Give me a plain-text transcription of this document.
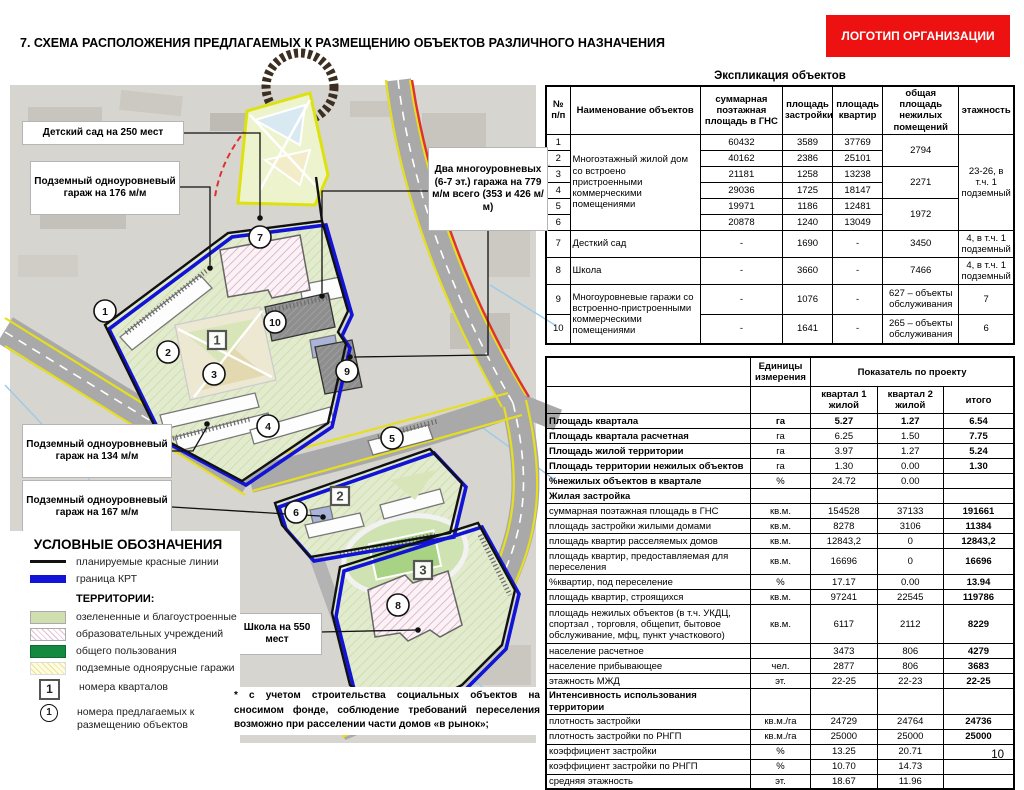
7. СХЕМА РАСПОЛОЖЕНИЯ ПРЕДЛАГАЕМЫХ К РАЗМЕЩЕНИЮ ОБЪЕКТОВ РАЗЛИЧНОГО НАЗНАЧЕНИЯ	ЛОГОТИП ОРГАНИЗАЦИИ
1
2
3
1
2
3
4
5
6
7
8
9
10
Детский сад на 250 мест
Подземный одноуровневый гараж на 176 м/м
Два многоуровневых (6-7 эт.) гаража на 779 м/м всего (353 и 426 м/м)
Подземный одноуровневый гараж на 134 м/м
Подземный одноуровневый гараж на 167 м/м
Школа на 550 мест
УСЛОВНЫЕ ОБОЗНАЧЕНИЯ
планируемые красные линии
граница КРТ
ТЕРРИТОРИИ:
озелененные и благоустроенные
образовательных учреждений
общего пользования
подземные одноярусные гаражи
1	номера кварталов
1	номера предлагаемых к размещению объектов
* с учетом строительства социальных объектов на сносимом фонде, соблюдение требований переселения возможно при расселении части домов «в рынок»;
Экспликация объектов
№ п/п	Наименование объектов	суммарная поэтажная площадь в ГНС	площадь застройки	площадь квартир	общая площадь нежилых помещений	этажность
1	Многоэтажный жилой дом со встроено пристроенными коммерческими помещениями	60432	3589	37769	2794	23-26, в т.ч. 1 подземный
2		40162	2386	25101		
3		21181	1258	13238	2271	
4		29036	1725	18147		
5		19971	1186	12481	1972	
6		20878	1240	13049		
7	Десткий сад	-	1690	-	3450	4, в т.ч. 1 подземный
8	Школа	-	3660	-	7466	4, в т.ч. 1 подземный
9	Многоуровневые гаражи со встроенно-пристроенными коммерческими помещениями	-	1076	-	627 – объекты обслуживания	7
10		-	1641	-	265 – объекты обслуживания	6
	Единицы измерения	Показатель по проекту		
		квартал 1 жилой	квартал 2 жилой	итого
Площадь квартала	га	5.27	1.27	6.54
Площадь квартала расчетная	га	6.25	1.50	7.75
Площадь жилой территории	га	3.97	1.27	5.24
Площадь территории нежилых объектов	га	1.30	0.00	1.30
%нежилых объектов в квартале	%	24.72	0.00	
Жилая застройка				
суммарная поэтажная площадь в ГНС	кв.м.	154528	37133	191661
площадь застройки жилыми домами	кв.м.	8278	3106	11384
площадь квартир расселяемых домов	кв.м.	12843,2	0	12843,2
площадь квартир, предоставляемая для переселения	кв.м.	16696	0	16696
%квартир, под переселение	%	17.17	0.00	13.94
площадь квартир, строящихся	кв.м.	97241	22545	119786
площадь нежилых объектов (в т.ч. УКДЦ, спортзал , торговля, общепит, бытовое обслуживание, мфц, пункт участкового)	кв.м.	6117	2112	8229
население расчетное		3473	806	4279
население прибывающее	чел.	2877	806	3683
этажность МЖД	эт.	22-25	22-23	22-25
Интенсивность использования территории				
плотность застройки	кв.м./га	24729	24764	24736
плотность застройки по РНГП	кв.м./га	25000	25000	25000
коэффициент застройки	%	13.25	20.71	
коэффициент застройки по РНГП	%	10.70	14.73	
средняя этажность	эт.	18.67	11.96	
10
